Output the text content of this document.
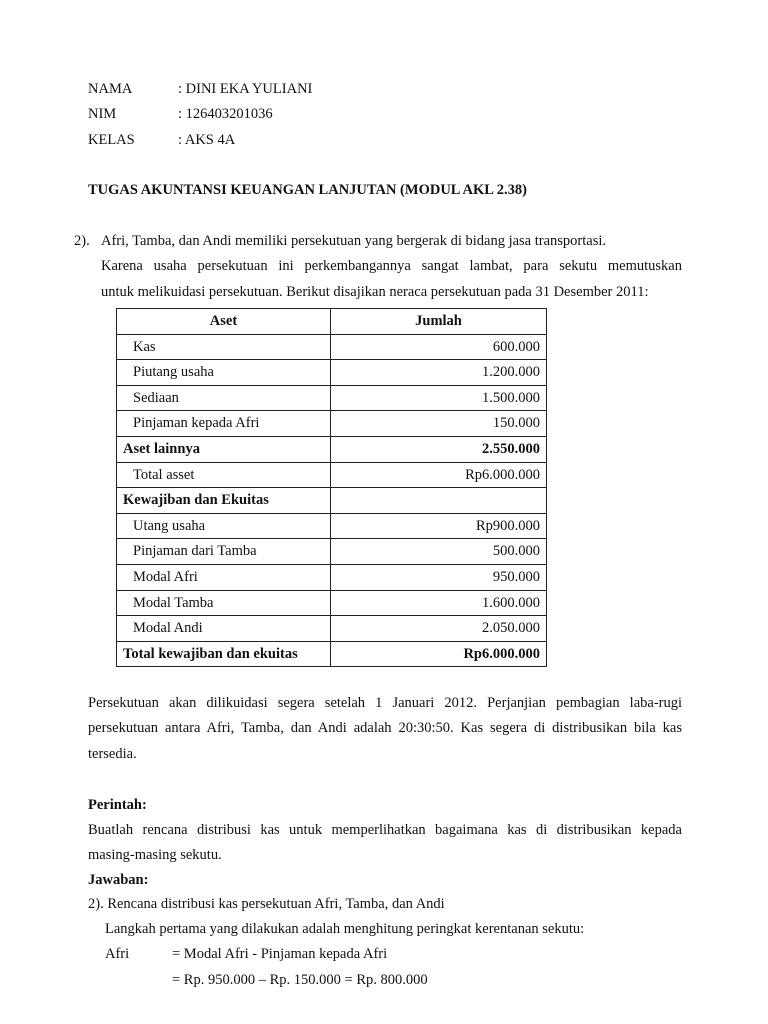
NAMA	: DINI EKA YULIANI
NIM	: 126403201036
KELAS	: AKS 4A
TUGAS AKUNTANSI KEUANGAN LANJUTAN (MODUL AKL 2.38)
2). Afri, Tamba, dan Andi memiliki persekutuan yang bergerak di bidang jasa transportasi.
Karena usaha persekutuan ini perkembangannya sangat lambat, para sekutu memutuskan
untuk melikuidasi persekutuan. Berikut disajikan neraca persekutuan pada 31 Desember 2011:
Aset	Jumlah
Kas	600.000
Piutang usaha	1.200.000
Sediaan	1.500.000
Pinjaman kepada Afri	150.000
Aset lainnya	2.550.000
Total asset	Rp6.000.000
Kewajiban dan Ekuitas	
Utang usaha	Rp900.000
Pinjaman dari Tamba	500.000
Modal Afri	950.000
Modal Tamba	1.600.000
Modal Andi	2.050.000
Total kewajiban dan ekuitas	Rp6.000.000
Persekutuan akan dilikuidasi segera setelah 1 Januari 2012. Perjanjian pembagian laba-rugi
persekutuan antara Afri, Tamba, dan Andi adalah 20:30:50. Kas segera di distribusikan bila kas
tersedia.
Perintah:
Buatlah rencana distribusi kas untuk memperlihatkan bagaimana kas di distribusikan kepada
masing-masing sekutu.
Jawaban:
2). Rencana distribusi kas persekutuan Afri, Tamba, dan Andi
Langkah pertama yang dilakukan adalah menghitung peringkat kerentanan sekutu:
Afri	= Modal Afri - Pinjaman kepada Afri
= Rp. 950.000 – Rp. 150.000 = Rp. 800.000
